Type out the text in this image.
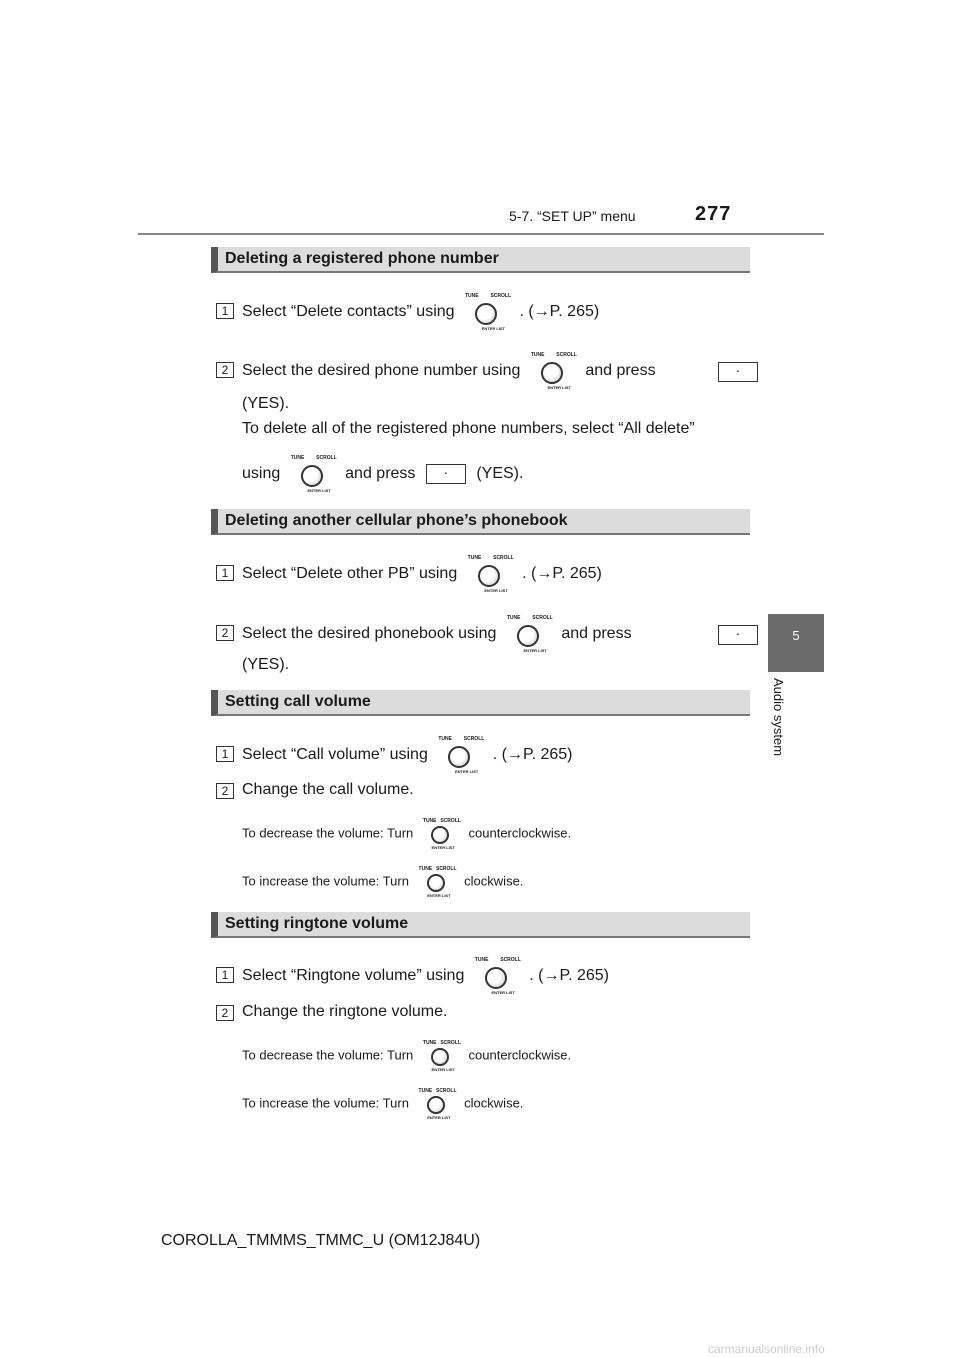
5-7. “SET UP” menu	277
5
Audio system
Deleting a registered phone number
1 Select “Delete contacts” using
TUNE SCROLL
ENTER LIST
. (→P. 265)
2 Select the desired phone number using
TUNE SCROLL
ENTER LIST
and press	·
(YES).
To delete all of the registered phone numbers, select “All delete”
using
TUNE SCROLL
ENTER LIST
and press · (YES).
Deleting another cellular phone’s phonebook
1 Select “Delete other PB” using
TUNE SCROLL
ENTER LIST
. (→P. 265)
2 Select the desired phonebook using
TUNE SCROLL
ENTER LIST
and press	·
(YES).
Setting call volume
1 Select “Call volume” using
TUNE SCROLL
ENTER LIST
. (→P. 265)
2 Change the call volume.
To decrease the volume: Turn
TUNE SCROLL
ENTER LIST
counterclockwise.
To increase the volume: Turn
TUNE SCROLL
ENTER LIST
clockwise.
Setting ringtone volume
1 Select “Ringtone volume” using
TUNE SCROLL
ENTER LIST
. (→P. 265)
2 Change the ringtone volume.
To decrease the volume: Turn
TUNE SCROLL
ENTER LIST
counterclockwise.
To increase the volume: Turn
TUNE SCROLL
ENTER LIST
clockwise.
COROLLA_TMMMS_TMMC_U (OM12J84U)
carmanualsonline.info
